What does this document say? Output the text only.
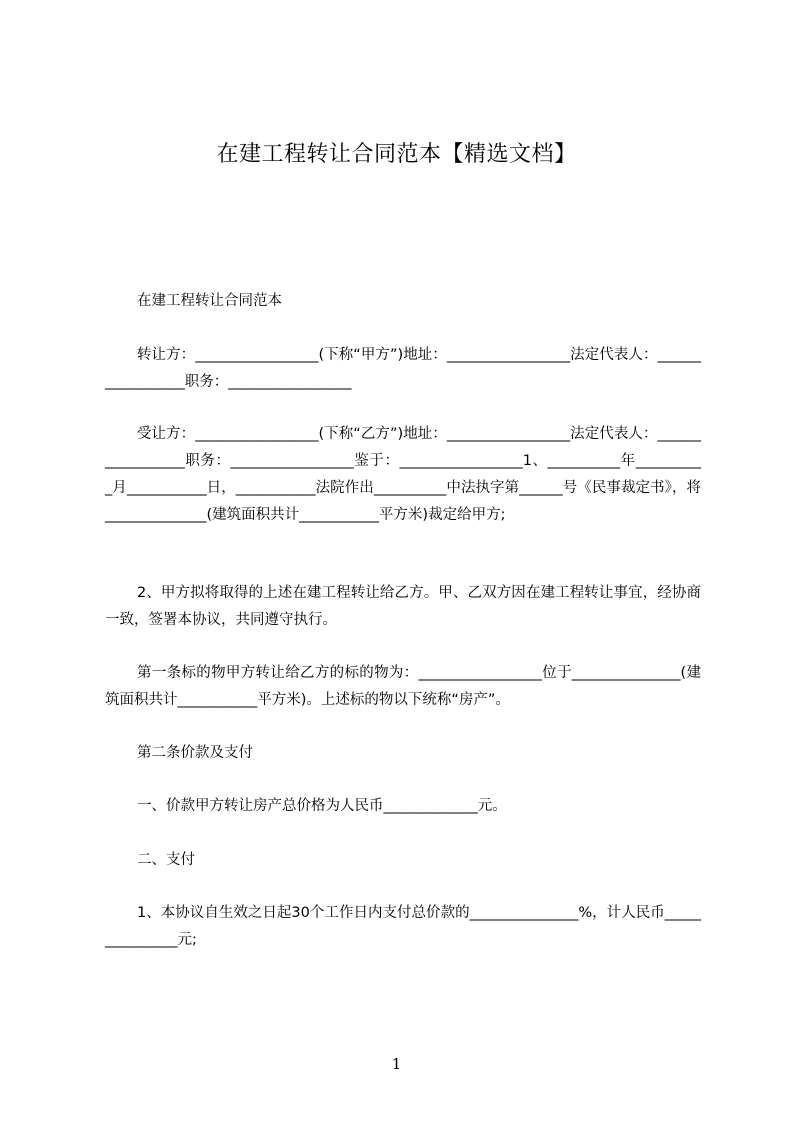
在建工程转让合同范本【精选文档】
在建工程转让合同范本
转让方：_________________(下称“甲方”)地址：_________________法定代表人：_________________职务：_________________
受让方：_________________(下称“乙方”)地址：_________________法定代表人：_________________职务：_________________鉴于：_________________1、__________年__________月___________日，___________法院作出__________中法执字第______号《民事裁定书》，将______________(建筑面积共计___________平方米)裁定给甲方;
2、甲方拟将取得的上述在建工程转让给乙方。甲、乙双方因在建工程转让事宜，经协商一致，签署本协议，共同遵守执行。
第一条标的物甲方转让给乙方的标的物为：_________________位于_______________(建筑面积共计___________平方米)。上述标的物以下统称“房产”。
第二条价款及支付
一、价款甲方转让房产总价格为人民币_____________元。
二、支付
1、本协议自生效之日起30个工作日内支付总价款的_______________%，计人民币_______________元;
1
